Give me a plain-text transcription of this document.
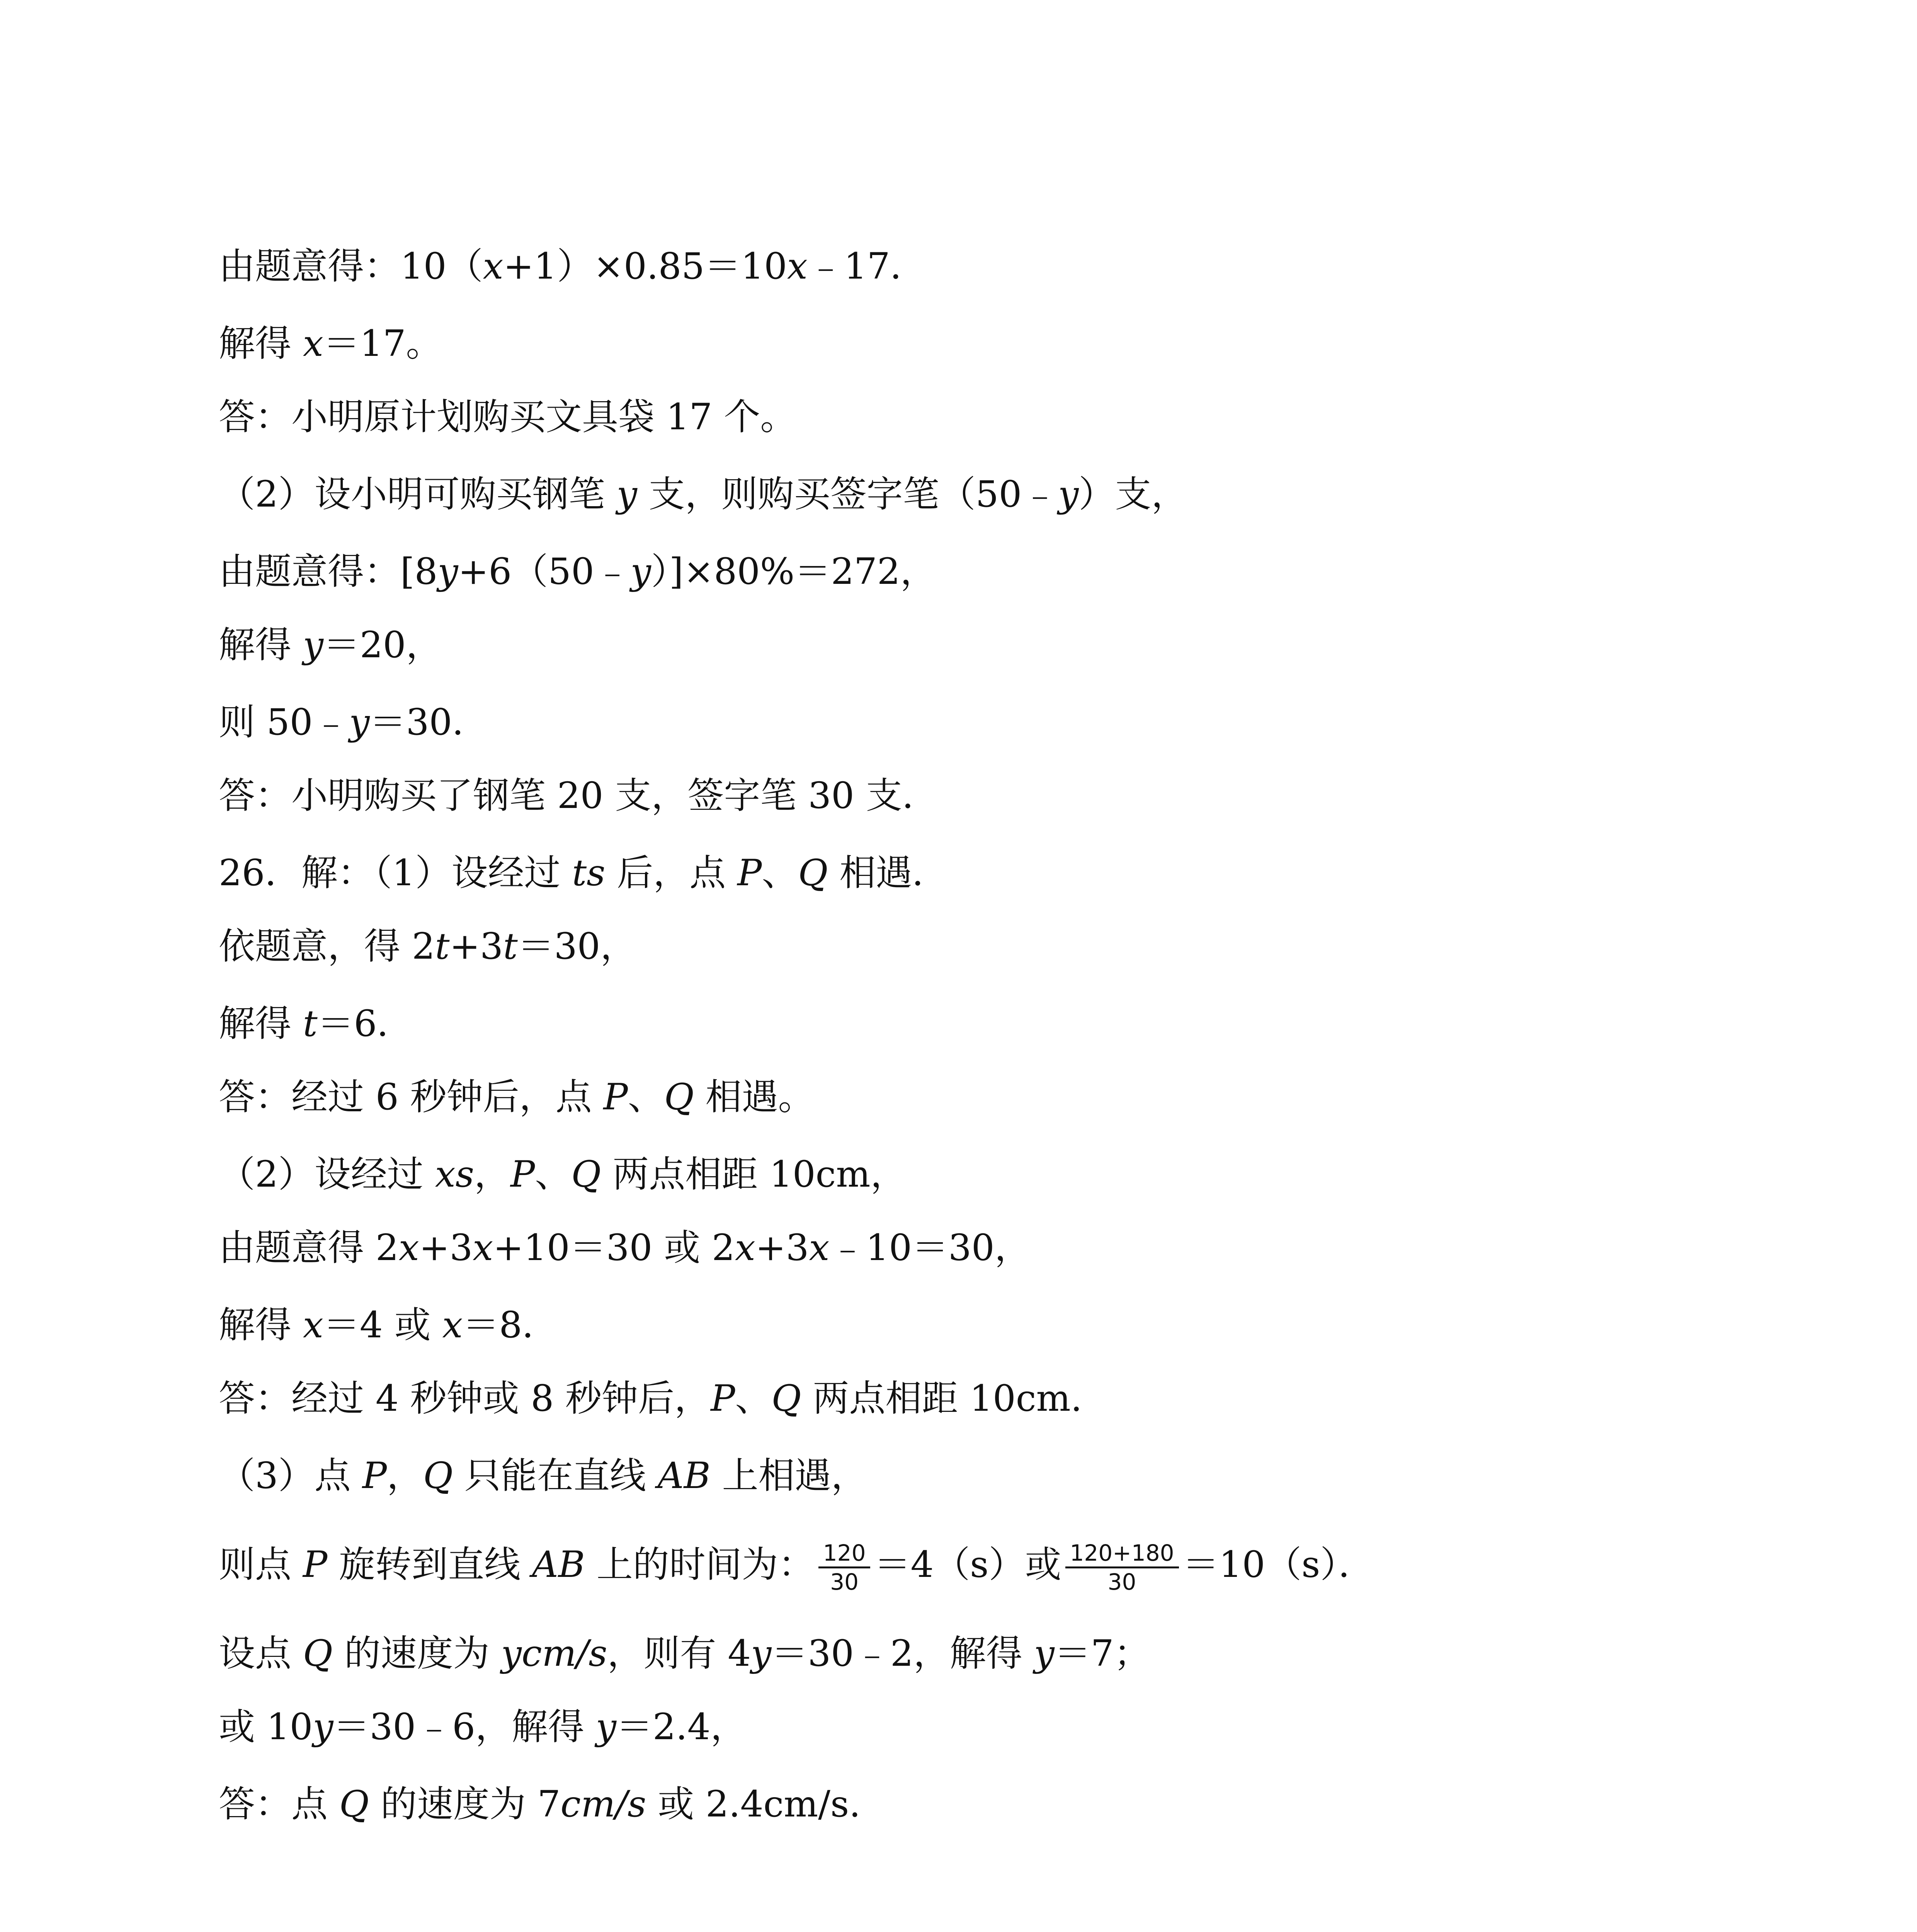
由题意得：10（x+1）×0.85＝10x﹣17．
解得 x＝17。
答：小明原计划购买文具袋 17 个。
（2）设小明可购买钢笔 y 支，则购买签字笔（50﹣y）支，
由题意得：[8y+6（50﹣y）]×80%＝272，
解得 y＝20，
则 50﹣y＝30．
答：小明购买了钢笔 20 支，签字笔 30 支．
26．解：（1）设经过 ts 后，点 P、Q 相遇．
依题意，得 2t+3t＝30，
解得 t＝6．
答：经过 6 秒钟后，点 P、Q 相遇。
（2）设经过 xs，P、Q 两点相距 10cm，
由题意得 2x+3x+10＝30 或 2x+3x﹣10＝30，
解得 x＝4 或 x＝8．
答：经过 4 秒钟或 8 秒钟后，P、Q 两点相距 10cm.
（3）点 P，Q 只能在直线 AB 上相遇，
则点 P 旋转到直线 AB 上的时间为： $\frac{120}{30} =4(s)$或 $\frac{120+180}{30} =10(s)$．
设点 Q 的速度为 ycm/s，则有 4y＝30﹣2，解得 y＝7；
或 10y＝30﹣6，解得 y＝2.4，
答：点 Q 的速度为 7cm/s 或 2.4cm/s.
